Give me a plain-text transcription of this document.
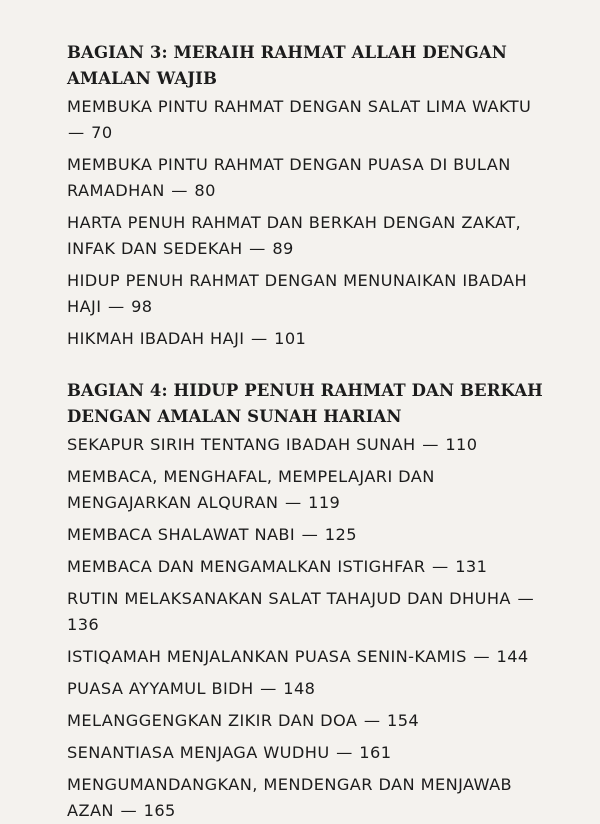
BAGIAN 3: MERAIH RAHMAT ALLAH DENGAN AMALAN WAJIB
MEMBUKA PINTU RAHMAT DENGAN SALAT LIMA WAKTU — 70
MEMBUKA PINTU RAHMAT DENGAN PUASA DI BULAN RAMADHAN — 80
HARTA PENUH RAHMAT DAN BERKAH DENGAN ZAKAT, INFAK DAN SEDEKAH — 89
HIDUP PENUH RAHMAT DENGAN MENUNAIKAN IBADAH HAJI — 98
HIKMAH IBADAH HAJI — 101
BAGIAN 4: HIDUP PENUH RAHMAT DAN BERKAH DENGAN AMALAN SUNAH HARIAN
SEKAPUR SIRIH TENTANG IBADAH SUNAH — 110
MEMBACA, MENGHAFAL, MEMPELAJARI DAN MENGAJARKAN ALQURAN — 119
MEMBACA SHALAWAT NABI — 125
MEMBACA DAN MENGAMALKAN ISTIGHFAR — 131
RUTIN MELAKSANAKAN SALAT TAHAJUD DAN DHUHA — 136
ISTIQAMAH MENJALANKAN PUASA SENIN-KAMIS — 144
PUASA AYYAMUL BIDH — 148
MELANGGENGKAN ZIKIR DAN DOA — 154
SENANTIASA MENJAGA WUDHU — 161
MENGUMANDANGKAN, MENDENGAR DAN MENJAWAB AZAN — 165
